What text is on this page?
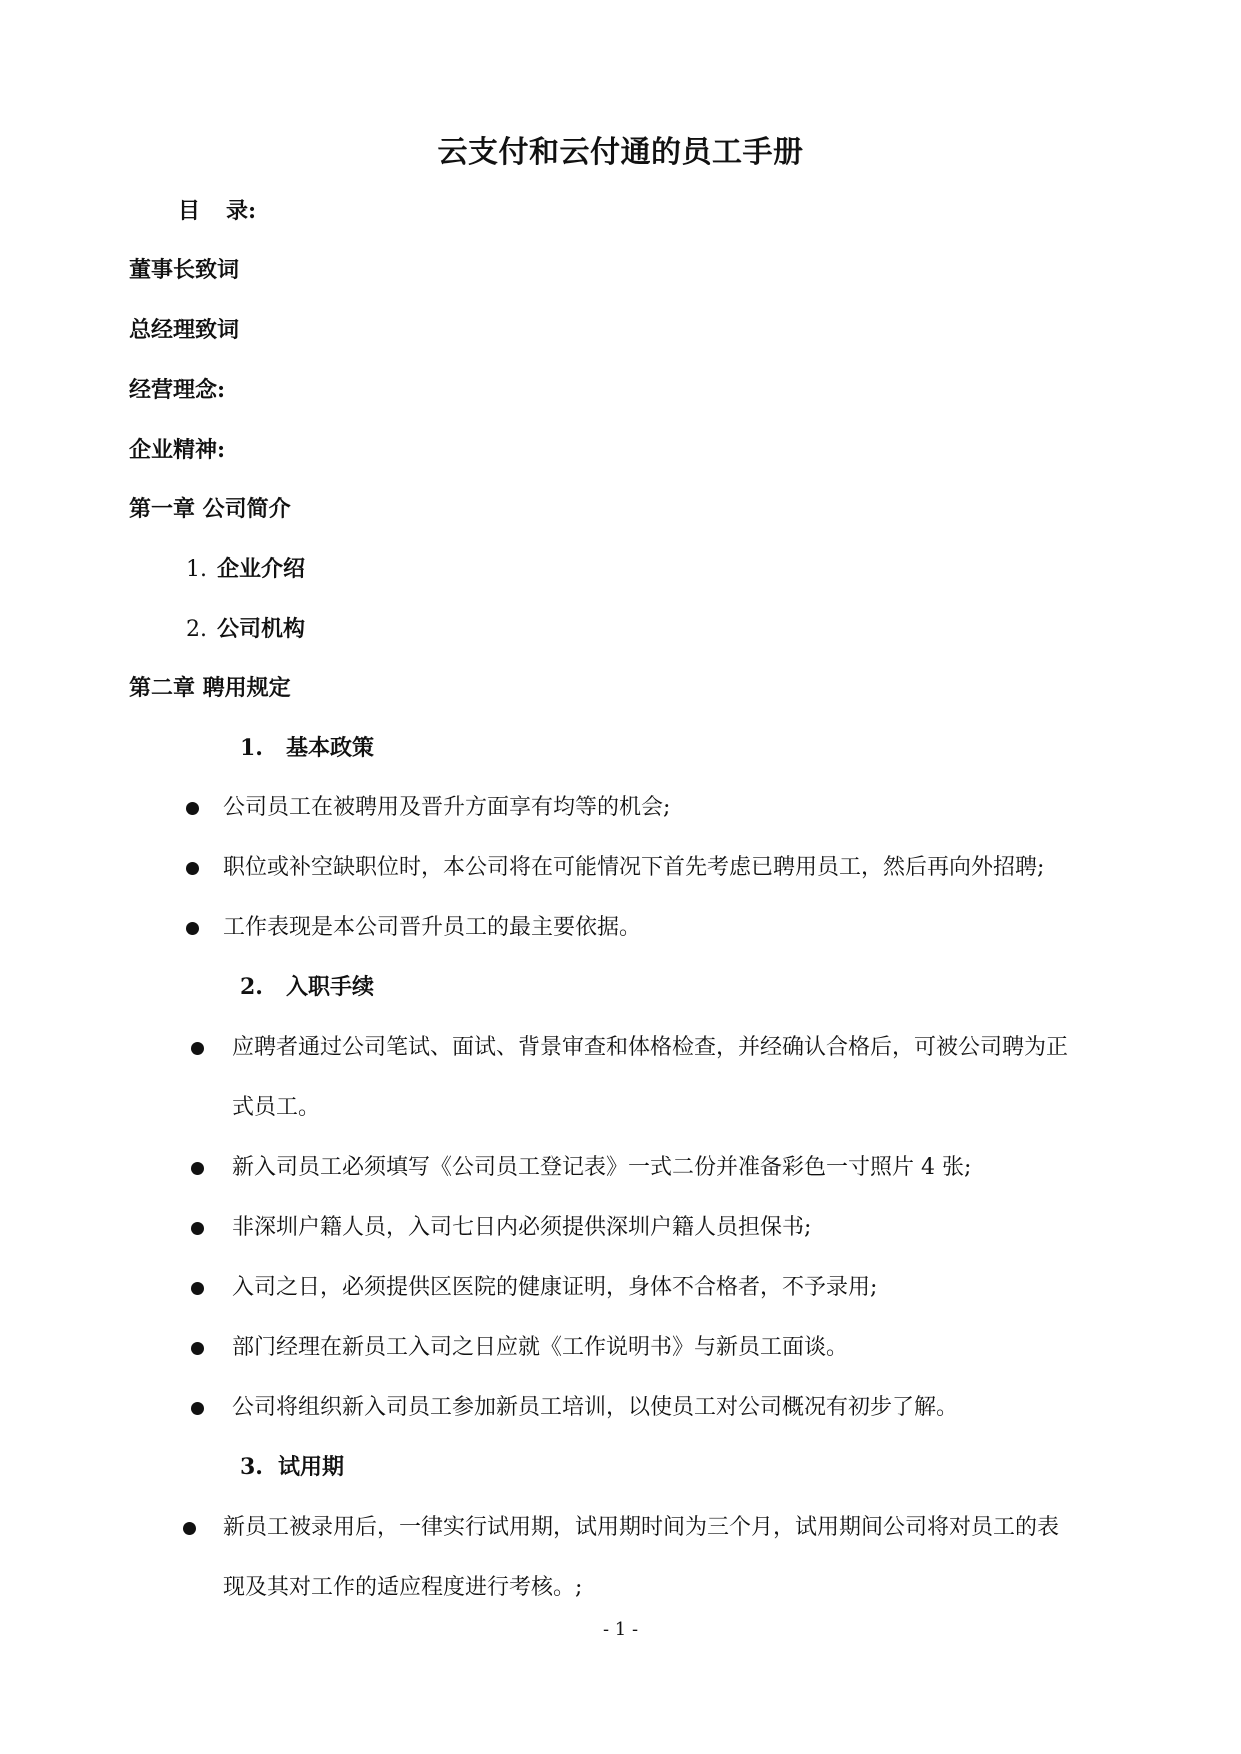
云支付和云付通的员工手册
目 录:
董事长致词
总经理致词
经营理念:
企业精神:
第一章 公司简介
1. 企业介绍
2. 公司机构
第二章 聘用规定
1. 基本政策
公司员工在被聘用及晋升方面享有均等的机会;
职位或补空缺职位时，本公司将在可能情况下首先考虑已聘用员工，然后再向外招聘;
工作表现是本公司晋升员工的最主要依据。
2. 入职手续
应聘者通过公司笔试、面试、背景审查和体格检查，并经确认合格后，可被公司聘为正
式员工。
新入司员工必须填写《公司员工登记表》一式二份并准备彩色一寸照片 4 张;
非深圳户籍人员，入司七日内必须提供深圳户籍人员担保书;
入司之日，必须提供区医院的健康证明，身体不合格者，不予录用;
部门经理在新员工入司之日应就《工作说明书》与新员工面谈。
公司将组织新入司员工参加新员工培训，以使员工对公司概况有初步了解。
3. 试用期
新员工被录用后，一律实行试用期，试用期时间为三个月，试用期间公司将对员工的表
现及其对工作的适应程度进行考核。;
- 1 -
